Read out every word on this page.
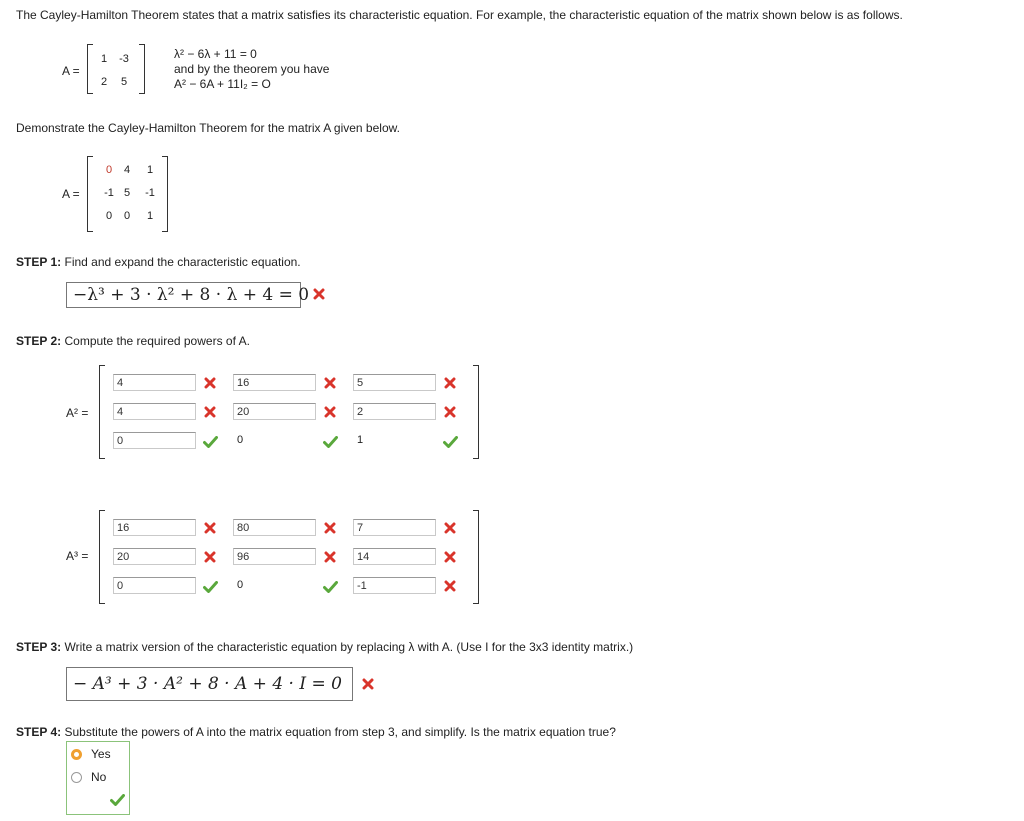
The Cayley-Hamilton Theorem states that a matrix satisfies its characteristic equation. For example, the characteristic equation of the matrix shown below is as follows.
A =
1	-3
2	5
λ² − 6λ + 11 = 0
and by the theorem you have
A² − 6A + 11I₂ = O
Demonstrate the Cayley-Hamilton Theorem for the matrix A given below.
A =
0	4	1
-1 5	-1
0	0	1
STEP 1: Find and expand the characteristic equation.
−λ³ + 3 · λ² + 8 · λ + 4 = 0
STEP 2: Compute the required powers of A.
A² =
4	16	5
4	20	2
0	0	1
A³ =
16	80	7
20	96	14
0	0	-1
STEP 3: Write a matrix version of the characteristic equation by replacing λ with A. (Use I for the 3x3 identity matrix.)
− A³ + 3 · A² + 8 · A + 4 · I = 0
STEP 4: Substitute the powers of A into the matrix equation from step 3, and simplify. Is the matrix equation true?
Yes
No
